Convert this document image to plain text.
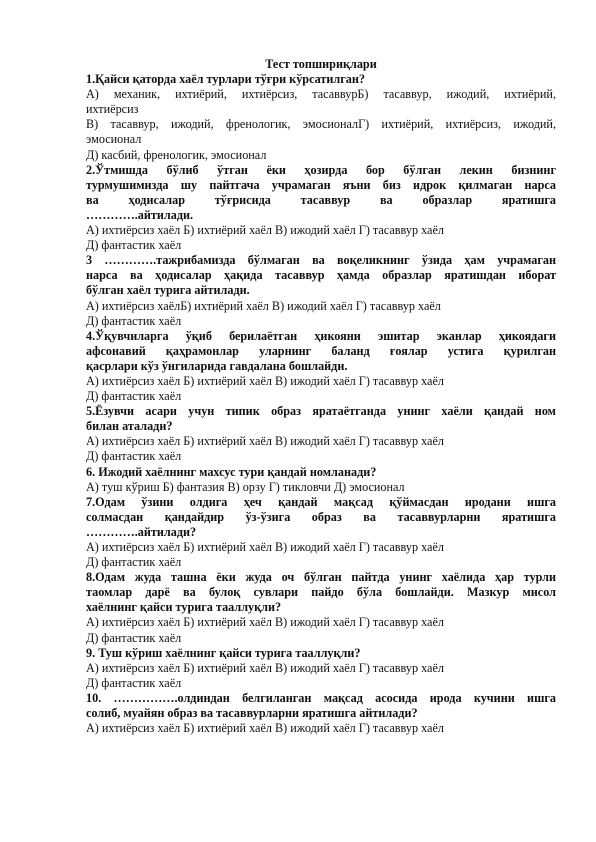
Тест топшириқлари

1.Қайси қаторда хаёл турлари тўғри кўрсатилган?

А) механик, ихтиёрий, ихтиёрсиз, тасаввурБ) тасаввур, ижодий, ихтиёрий,

ихтиёрсиз

В) тасаввур, ижодий, френологик, эмосионалГ) ихтиёрий, ихтиёрсиз, ижодий,

эмосионал

Д) касбий, френологик, эмосионал

2.Ўтмишда бўлиб ўтган ёки ҳозирда бор бўлган лекин бизнинг

турмушимизда шу пайтгача учрамаган яъни биз идрок қилмаган нарса

ва ҳодисалар тўғрисида тасаввур ва образлар яратишга

………….айтилади.

А) ихтиёрсиз хаёл Б) ихтиёрий хаёл В) ижодий хаёл Г) тасаввур хаёл

Д) фантастик хаёл

3 ………….тажрибамизда бўлмаган ва воқеликнинг ўзида ҳам учрамаган

нарса ва ҳодисалар ҳақида тасаввур ҳамда образлар яратишдан иборат

бўлган хаёл турига айтилади.

А) ихтиёрсиз хаёлБ) ихтиёрий хаёл В) ижодий хаёл Г) тасаввур хаёл

Д) фантастик хаёл

4.Ўқувчиларга ўқиб берилаётган ҳикояни эшитар эканлар ҳикоядаги

афсонавий қаҳрамонлар уларнинг баланд ғоялар устига қурилган

қасрлари кўз ўнгиларида гавдалана бошлайди.

А) ихтиёрсиз хаёл Б) ихтиёрий хаёл В) ижодий хаёл Г) тасаввур хаёл

Д) фантастик хаёл

5.Ёзувчи асари учун типик образ яратаётганда унинг хаёли қандай ном

билан аталади?

А) ихтиёрсиз хаёл Б) ихтиёрий хаёл В) ижодий хаёл Г) тасаввур хаёл

Д) фантастик хаёл

6. Ижодий хаёлнинг махсус тури қандай номланади?

А) туш кўриш Б) фантазия В) орзу Г) тикловчи Д) эмосионал

7.Одам ўзини олдига ҳеч қандай мақсад қўймасдан иродани ишга

солмасдан қандайдир ўз-ўзига образ ва тасаввурларни яратишга

………….айтилади?

А) ихтиёрсиз хаёл Б) ихтиёрий хаёл В) ижодий хаёл Г) тасаввур хаёл

Д) фантастик хаёл

8.Одам жуда ташна ёки жуда оч бўлган пайтда унинг хаёлида ҳар турли

таомлар дарё ва булоқ сувлари пайдо бўла бошлайди. Мазкур мисол

хаёлнинг қайси турига тааллуқли?

А) ихтиёрсиз хаёл Б) ихтиёрий хаёл В) ижодий хаёл Г) тасаввур хаёл

Д) фантастик хаёл

9. Туш кўриш хаёлнинг қайси турига тааллуқли?

А) ихтиёрсиз хаёл Б) ихтиёрий хаёл В) ижодий хаёл Г) тасаввур хаёл

Д) фантастик хаёл

10. …………….олдиндан белгиланган мақсад асосида ирода кучини ишга

солиб, муайян образ ва тасаввурларни яратишга айтилади?

А) ихтиёрсиз хаёл Б) ихтиёрий хаёл В) ижодий хаёл Г) тасаввур хаёл
